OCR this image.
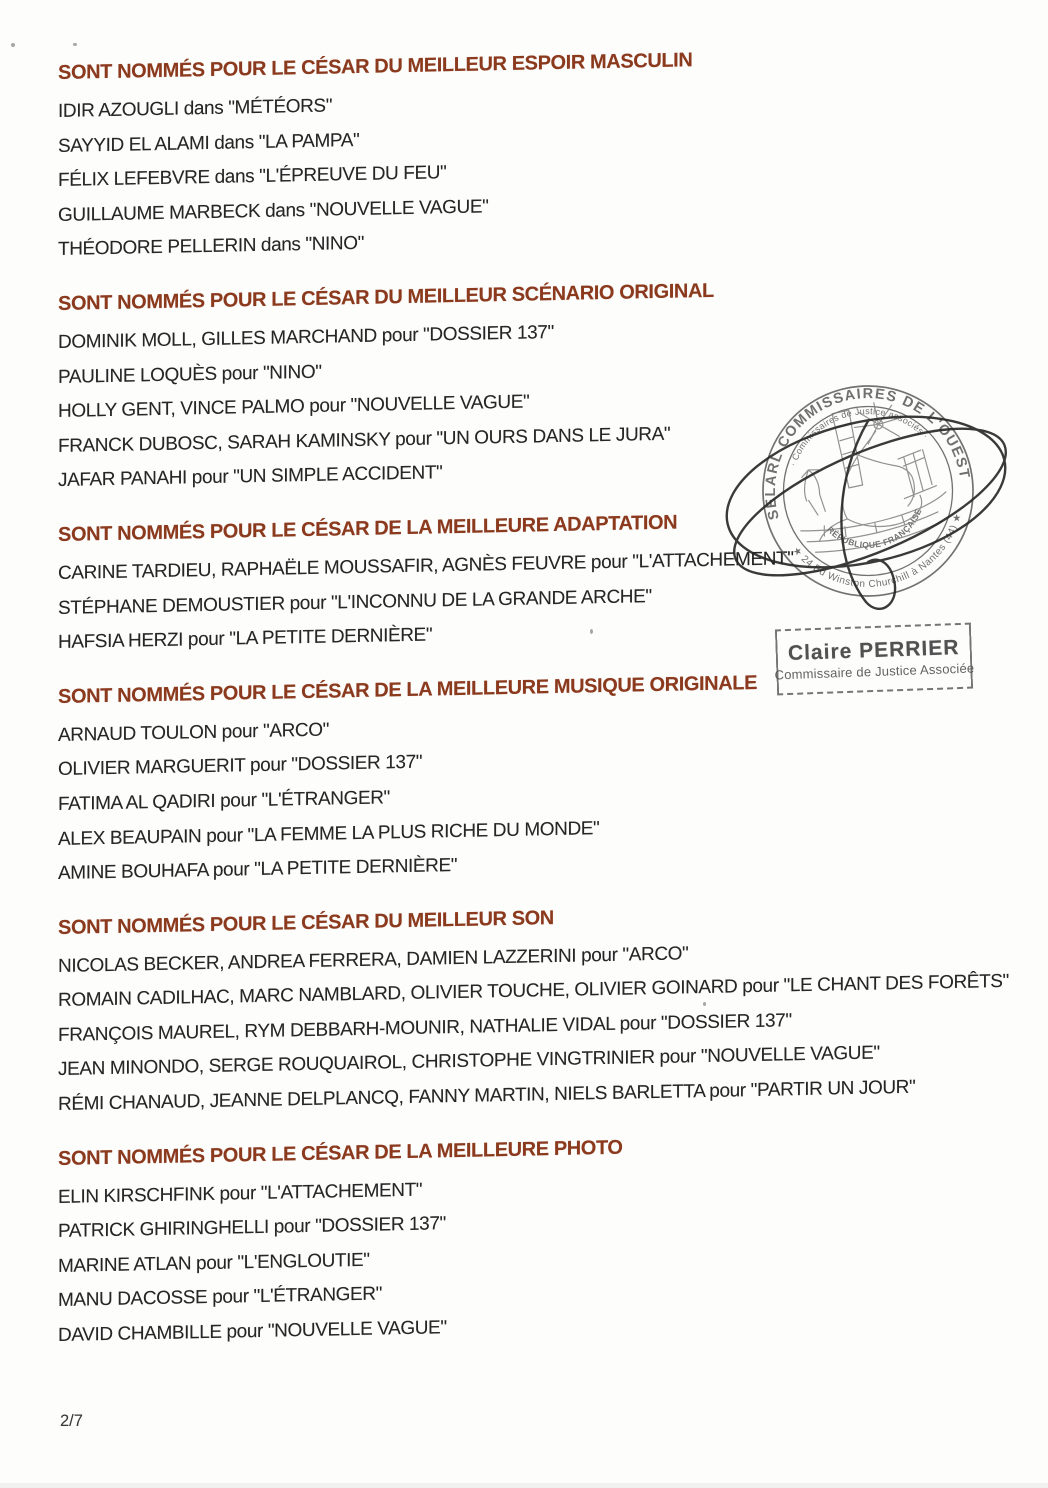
SONT NOMMÉS POUR LE CÉSAR DU MEILLEUR ESPOIR MASCULIN
IDIR AZOUGLI dans "MÉTÉORS"
SAYYID EL ALAMI dans "LA PAMPA"
FÉLIX LEFEBVRE dans "L'ÉPREUVE DU FEU"
GUILLAUME MARBECK dans "NOUVELLE VAGUE"
THÉODORE PELLERIN dans "NINO"
SONT NOMMÉS POUR LE CÉSAR DU MEILLEUR SCÉNARIO ORIGINAL
DOMINIK MOLL, GILLES MARCHAND pour "DOSSIER 137"
PAULINE LOQUÈS pour "NINO"
HOLLY GENT, VINCE PALMO pour "NOUVELLE VAGUE"
FRANCK DUBOSC, SARAH KAMINSKY pour "UN OURS DANS LE JURA"
JAFAR PANAHI pour "UN SIMPLE ACCIDENT"
SONT NOMMÉS POUR LE CÉSAR DE LA MEILLEURE ADAPTATION
CARINE TARDIEU, RAPHAËLE MOUSSAFIR, AGNÈS FEUVRE pour "L'ATTACHEMENT"
STÉPHANE DEMOUSTIER pour "L'INCONNU DE LA GRANDE ARCHE"
HAFSIA HERZI pour "LA PETITE DERNIÈRE"
SONT NOMMÉS POUR LE CÉSAR DE LA MEILLEURE MUSIQUE ORIGINALE
ARNAUD TOULON pour "ARCO"
OLIVIER MARGUERIT pour "DOSSIER 137"
FATIMA AL QADIRI pour "L'ÉTRANGER"
ALEX BEAUPAIN pour "LA FEMME LA PLUS RICHE DU MONDE"
AMINE BOUHAFA pour "LA PETITE DERNIÈRE"
SONT NOMMÉS POUR LE CÉSAR DU MEILLEUR SON
NICOLAS BECKER, ANDREA FERRERA, DAMIEN LAZZERINI pour "ARCO"
ROMAIN CADILHAC, MARC NAMBLARD, OLIVIER TOUCHE, OLIVIER GOINARD pour "LE CHANT DES FORÊTS"
FRANÇOIS MAUREL, RYM DEBBARH-MOUNIR, NATHALIE VIDAL pour "DOSSIER 137"
JEAN MINONDO, SERGE ROUQUAIROL, CHRISTOPHE VINGTRINIER pour "NOUVELLE VAGUE"
RÉMI CHANAUD, JEANNE DELPLANCQ, FANNY MARTIN, NIELS BARLETTA pour "PARTIR UN JOUR"
SONT NOMMÉS POUR LE CÉSAR DE LA MEILLEURE PHOTO
ELIN KIRSCHFINK pour "L'ATTACHEMENT"
PATRICK GHIRINGHELLI pour "DOSSIER 137"
MARINE ATLAN pour "L'ENGLOUTIE"
MANU DACOSSE pour "L'ÉTRANGER"
DAVID CHAMBILLE pour "NOUVELLE VAGUE"
SELARL COMMISSAIRES DE L'OUEST
· Commissaires de Justice associés ·
★ 24 Bd Winston Churchill à Nantes (44) ★
RÉPUBLIQUE FRANÇAISE
Claire PERRIER
Commissaire de Justice Associée
2/7
